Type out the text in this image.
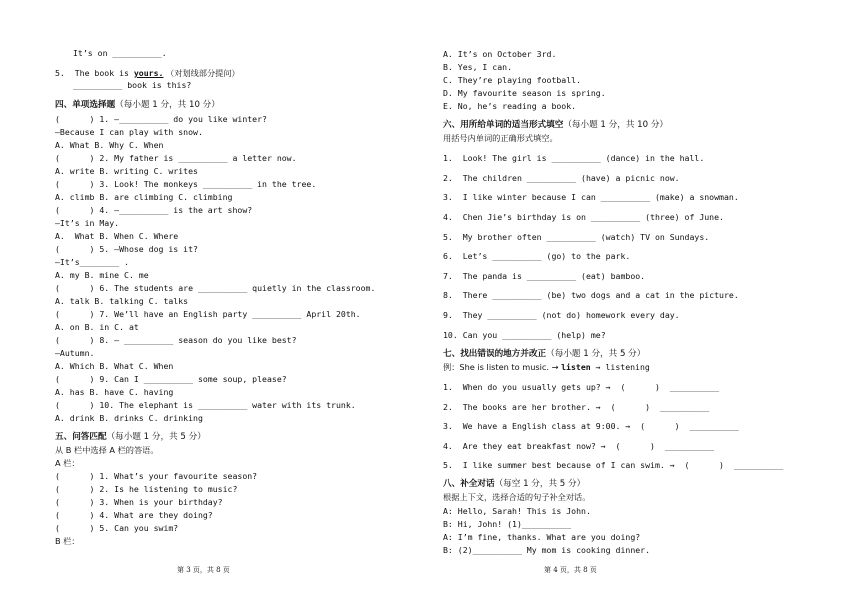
It’s on __________.
5.  The book is yours. （对划线部分提问）
__________ book is this?
四、单项选择题（每小题 1 分，共 10 分）
(      ) 1. —__________ do you like winter?
—Because I can play with snow.
A. What B. Why C. When
(      ) 2. My father is __________ a letter now.
A. write B. writing C. writes
(      ) 3. Look! The monkeys __________ in the tree.
A. climb B. are climbing C. climbing
(      ) 4. —__________ is the art show?
—It’s in May.
A.  What B. When C. Where
(      ) 5. —Whose dog is it?
—It’s________ .
A. my B. mine C. me
(      ) 6. The students are __________ quietly in the classroom.
A. talk B. talking C. talks
(      ) 7. We’ll have an English party __________ April 20th.
A. on B. in C. at
(      ) 8. — __________ season do you like best?
—Autumn.
A. Which B. What C. When
(      ) 9. Can I __________ some soup, please?
A. has B. have C. having
(      ) 10. The elephant is __________ water with its trunk.
A. drink B. drinks C. drinking
五、问答匹配（每小题 1 分，共 5 分）
从 B 栏中选择 A 栏的答语。
A 栏：
(      ) 1. What’s your favourite season?
(      ) 2. Is he listening to music?
(      ) 3. When is your birthday?
(      ) 4. What are they doing?
(      ) 5. Can you swim?
B 栏：
第 3 页，共 8 页
A. It’s on October 3rd.
B. Yes, I can.
C. They’re playing football.
D. My favourite season is spring.
E. No, he’s reading a book.
六、用所给单词的适当形式填空（每小题 1 分，共 10 分）
用括号内单词的正确形式填空。
1.  Look! The girl is __________ (dance) in the hall.
2.  The children __________ (have) a picnic now.
3.  I like winter because I can __________ (make) a snowman.
4.  Chen Jie’s birthday is on __________ (three) of June.
5.  My brother often __________ (watch) TV on Sundays.
6.  Let’s __________ (go) to the park.
7.  The panda is __________ (eat) bamboo.
8.  There __________ (be) two dogs and a cat in the picture.
9.  They __________ (not do) homework every day.
10. Can you __________ (help) me?
七、找出错误的地方并改正（每小题 1 分，共 5 分）
例：She is listen to music. → listen → listening
1.  When do you usually gets up? →  (      )  __________
2.  The books are her brother. →  (      )  __________
3.  We have a English class at 9:00. →  (      )  __________
4.  Are they eat breakfast now? →  (      )  __________
5.  I like summer best because of I can swim. →  (      )  __________
八、补全对话（每空 1 分，共 5 分）
根据上下文，选择合适的句子补全对话。
A: Hello, Sarah! This is John.
B: Hi, John! (1)__________
A: I’m fine, thanks. What are you doing?
B: (2)__________ My mom is cooking dinner.
第 4 页，共 8 页
